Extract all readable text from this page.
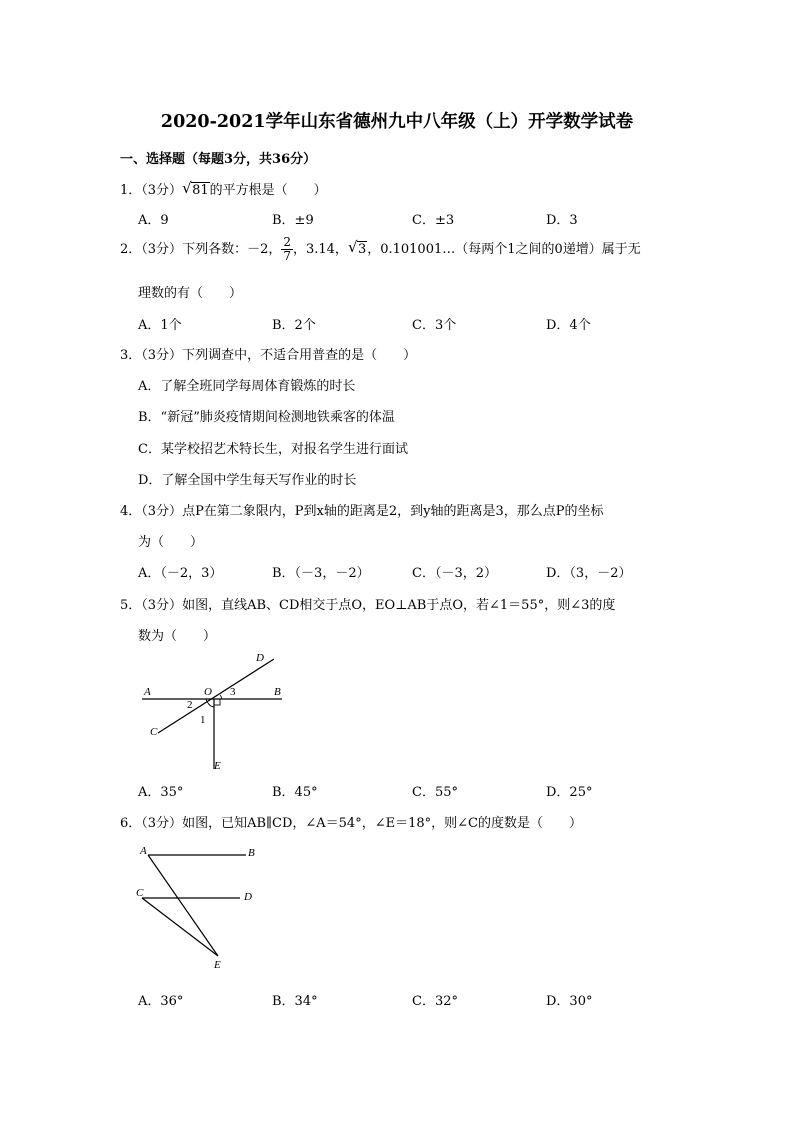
2020-2021学年山东省德州九中八年级（上）开学数学试卷
一、选择题（每题3分，共36分）
1．（3分） √ 81的平方根是（　　）
A．9	B．±9	C．±3	D．3
2．（3分）下列各数：－2， $\frac{2}{7}$ ，3.14， √ 3，0.101001…（每两个1之间的0递增）属于无
理数的有（　　）
A．1个	B．2个	C．3个	D．4个
3．（3分）下列调查中，不适合用普查的是（　　）
A．了解全班同学每周体育锻炼的时长
B．“新冠”肺炎疫情期间检测地铁乘客的体温
C．某学校招艺术特长生，对报名学生进行面试
D．了解全国中学生每天写作业的时长
4．（3分）点P在第二象限内，P到x轴的距离是2，到y轴的距离是3，那么点P的坐标
为（　　）
A．（－2，3）	B．（－3，－2）	C．（－3，2）	D．（3，－2）
5．（3分）如图，直线AB、CD相交于点O，EO⊥AB于点O，若∠1＝55°，则∠3的度
数为（　　）
A	B
C
D
E
O
1
2
3
A．35°	B．45°	C．55°	D．25°
6．（3分）如图，已知AB∥CD，∠A＝54°，∠E＝18°，则∠C的度数是（　　）
A	B
C	D
E
A．36°	B．34°	C．32°	D．30°
